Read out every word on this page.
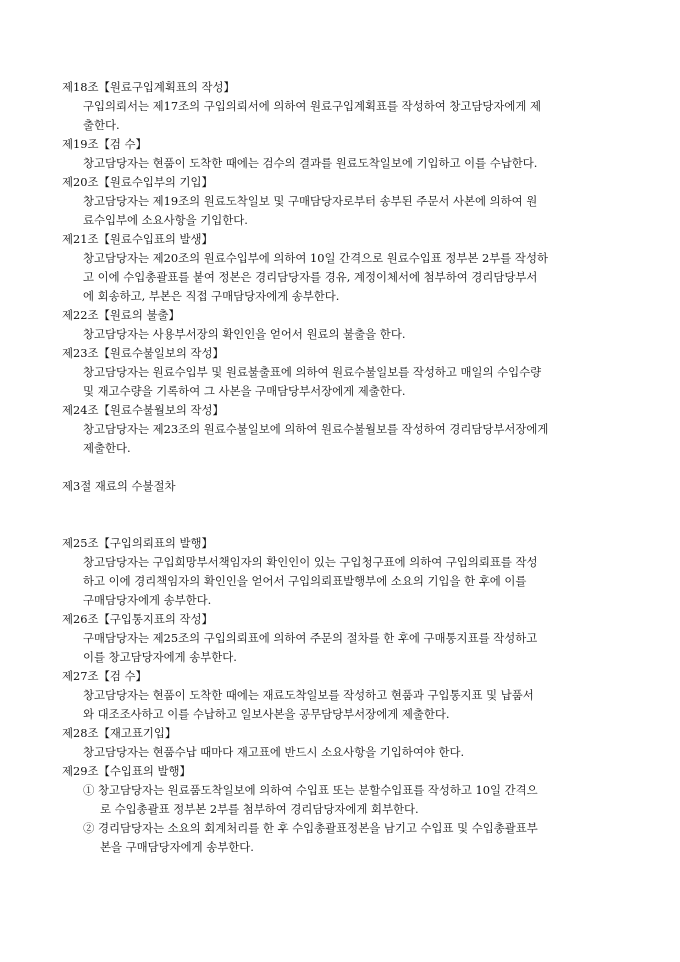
제18조【원료구입계획표의 작성】
구입의뢰서는 제17조의 구입의뢰서에 의하여 원료구입계획표를 작성하여 창고담당자에게 제
출한다.
제19조【검 수】
창고담당자는 현품이 도착한 때에는 검수의 결과를 원료도착일보에 기입하고 이를 수납한다.
제20조【원료수입부의 기입】
창고담당자는 제19조의 원료도착일보 및 구매담당자로부터 송부된 주문서 사본에 의하여 원
료수입부에 소요사항을 기입한다.
제21조【원료수입표의 발생】
창고담당자는 제20조의 원료수입부에 의하여 10일 간격으로 원료수입표 정부본 2부를 작성하
고 이에 수입총괄표를 붙여 정본은 경리담당자를 경유, 계정이체서에 첨부하여 경리담당부서
에 회송하고, 부본은 직접 구매담당자에게 송부한다.
제22조【원료의 불출】
창고담당자는 사용부서장의 확인인을 얻어서 원료의 불출을 한다.
제23조【원료수불일보의 작성】
창고담당자는 원료수입부 및 원료불출표에 의하여 원료수불일보를 작성하고 매일의 수입수량
및 재고수량을 기록하여 그 사본을 구매담당부서장에게 제출한다.
제24조【원료수불월보의 작성】
창고담당자는 제23조의 원료수불일보에 의하여 원료수불월보를 작성하여 경리담당부서장에게
제출한다.
제3절 재료의 수불절차
제25조【구입의뢰표의 발행】
창고담당자는 구입희망부서책임자의 확인인이 있는 구입청구표에 의하여 구입의뢰표를 작성
하고 이에 경리책임자의 확인인을 얻어서 구입의뢰표발행부에 소요의 기입을 한 후에 이를
구매담당자에게 송부한다.
제26조【구입통지표의 작성】
구매담당자는 제25조의 구입의뢰표에 의하여 주문의 절차를 한 후에 구매통지표를 작성하고
이를 창고담당자에게 송부한다.
제27조【검 수】
창고담당자는 현품이 도착한 때에는 재료도착일보를 작성하고 현품과 구입통지표 및 납품서
와 대조조사하고 이를 수납하고 일보사본을 공무담당부서장에게 제출한다.
제28조【재고표기입】
창고담당자는 현품수납 때마다 재고표에 반드시 소요사항을 기입하여야 한다.
제29조【수입표의 발행】
① 창고담당자는 원료품도착일보에 의하여 수입표 또는 분할수입표를 작성하고 10일 간격으
로 수입총괄표 정부본 2부를 첨부하여 경리담당자에게 회부한다.
② 경리담당자는 소요의 회계처리를 한 후 수입총괄표정본을 남기고 수입표 및 수입총괄표부
본을 구매담당자에게 송부한다.
